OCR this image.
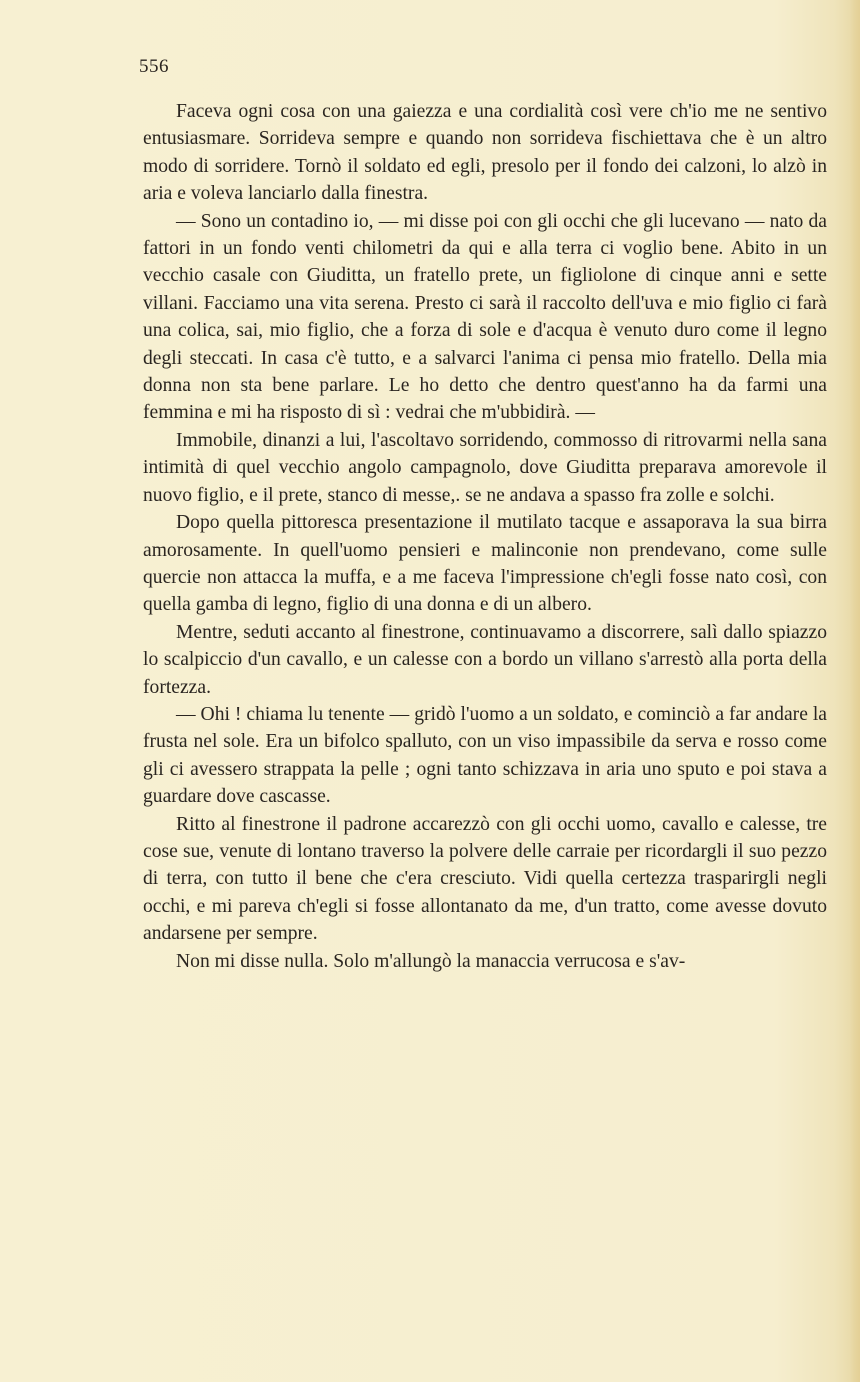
556

Faceva ogni cosa con una gaiezza e una cordialità così vere ch'io me ne sentivo entusiasmare. Sorrideva sempre e quando non sorrideva fischiettava che è un altro modo di sorridere. Tornò il soldato ed egli, presolo per il fondo dei calzoni, lo alzò in aria e voleva lanciarlo dalla finestra.

— Sono un contadino io, — mi disse poi con gli occhi che gli lucevano — nato da fattori in un fondo venti chilometri da qui e alla terra ci voglio bene. Abito in un vecchio casale con Giuditta, un fratello prete, un figliolone di cinque anni e sette villani. Facciamo una vita serena. Presto ci sarà il raccolto dell'uva e mio figlio ci farà una colica, sai, mio figlio, che a forza di sole e d'acqua è venuto duro come il legno degli steccati. In casa c'è tutto, e a salvarci l'anima ci pensa mio fratello. Della mia donna non sta bene parlare. Le ho detto che dentro quest'anno ha da farmi una femmina e mi ha risposto di sì : vedrai che m'ubbidirà. —

Immobile, dinanzi a lui, l'ascoltavo sorridendo, commosso di ritrovarmi nella sana intimità di quel vecchio angolo campagnolo, dove Giuditta preparava amorevole il nuovo figlio, e il prete, stanco di messe,. se ne andava a spasso fra zolle e solchi.

Dopo quella pittoresca presentazione il mutilato tacque e assaporava la sua birra amorosamente. In quell'uomo pensieri e malinconie non prendevano, come sulle quercie non attacca la muffa, e a me faceva l'impressione ch'egli fosse nato così, con quella gamba di legno, figlio di una donna e di un albero.

Mentre, seduti accanto al finestrone, continuavamo a discorrere, salì dallo spiazzo lo scalpiccio d'un cavallo, e un calesse con a bordo un villano s'arrestò alla porta della fortezza.

— Ohi ! chiama lu tenente — gridò l'uomo a un soldato, e cominciò a far andare la frusta nel sole. Era un bifolco spalluto, con un viso impassibile da serva e rosso come gli ci avessero strappata la pelle ; ogni tanto schizzava in aria uno sputo e poi stava a guardare dove cascasse.

Ritto al finestrone il padrone accarezzò con gli occhi uomo, cavallo e calesse, tre cose sue, venute di lontano traverso la polvere delle carraie per ricordargli il suo pezzo di terra, con tutto il bene che c'era cresciuto. Vidi quella certezza trasparirgli negli occhi, e mi pareva ch'egli si fosse allontanato da me, d'un tratto, come avesse dovuto andarsene per sempre.

Non mi disse nulla. Solo m'allungò la manaccia verrucosa e s'av-
